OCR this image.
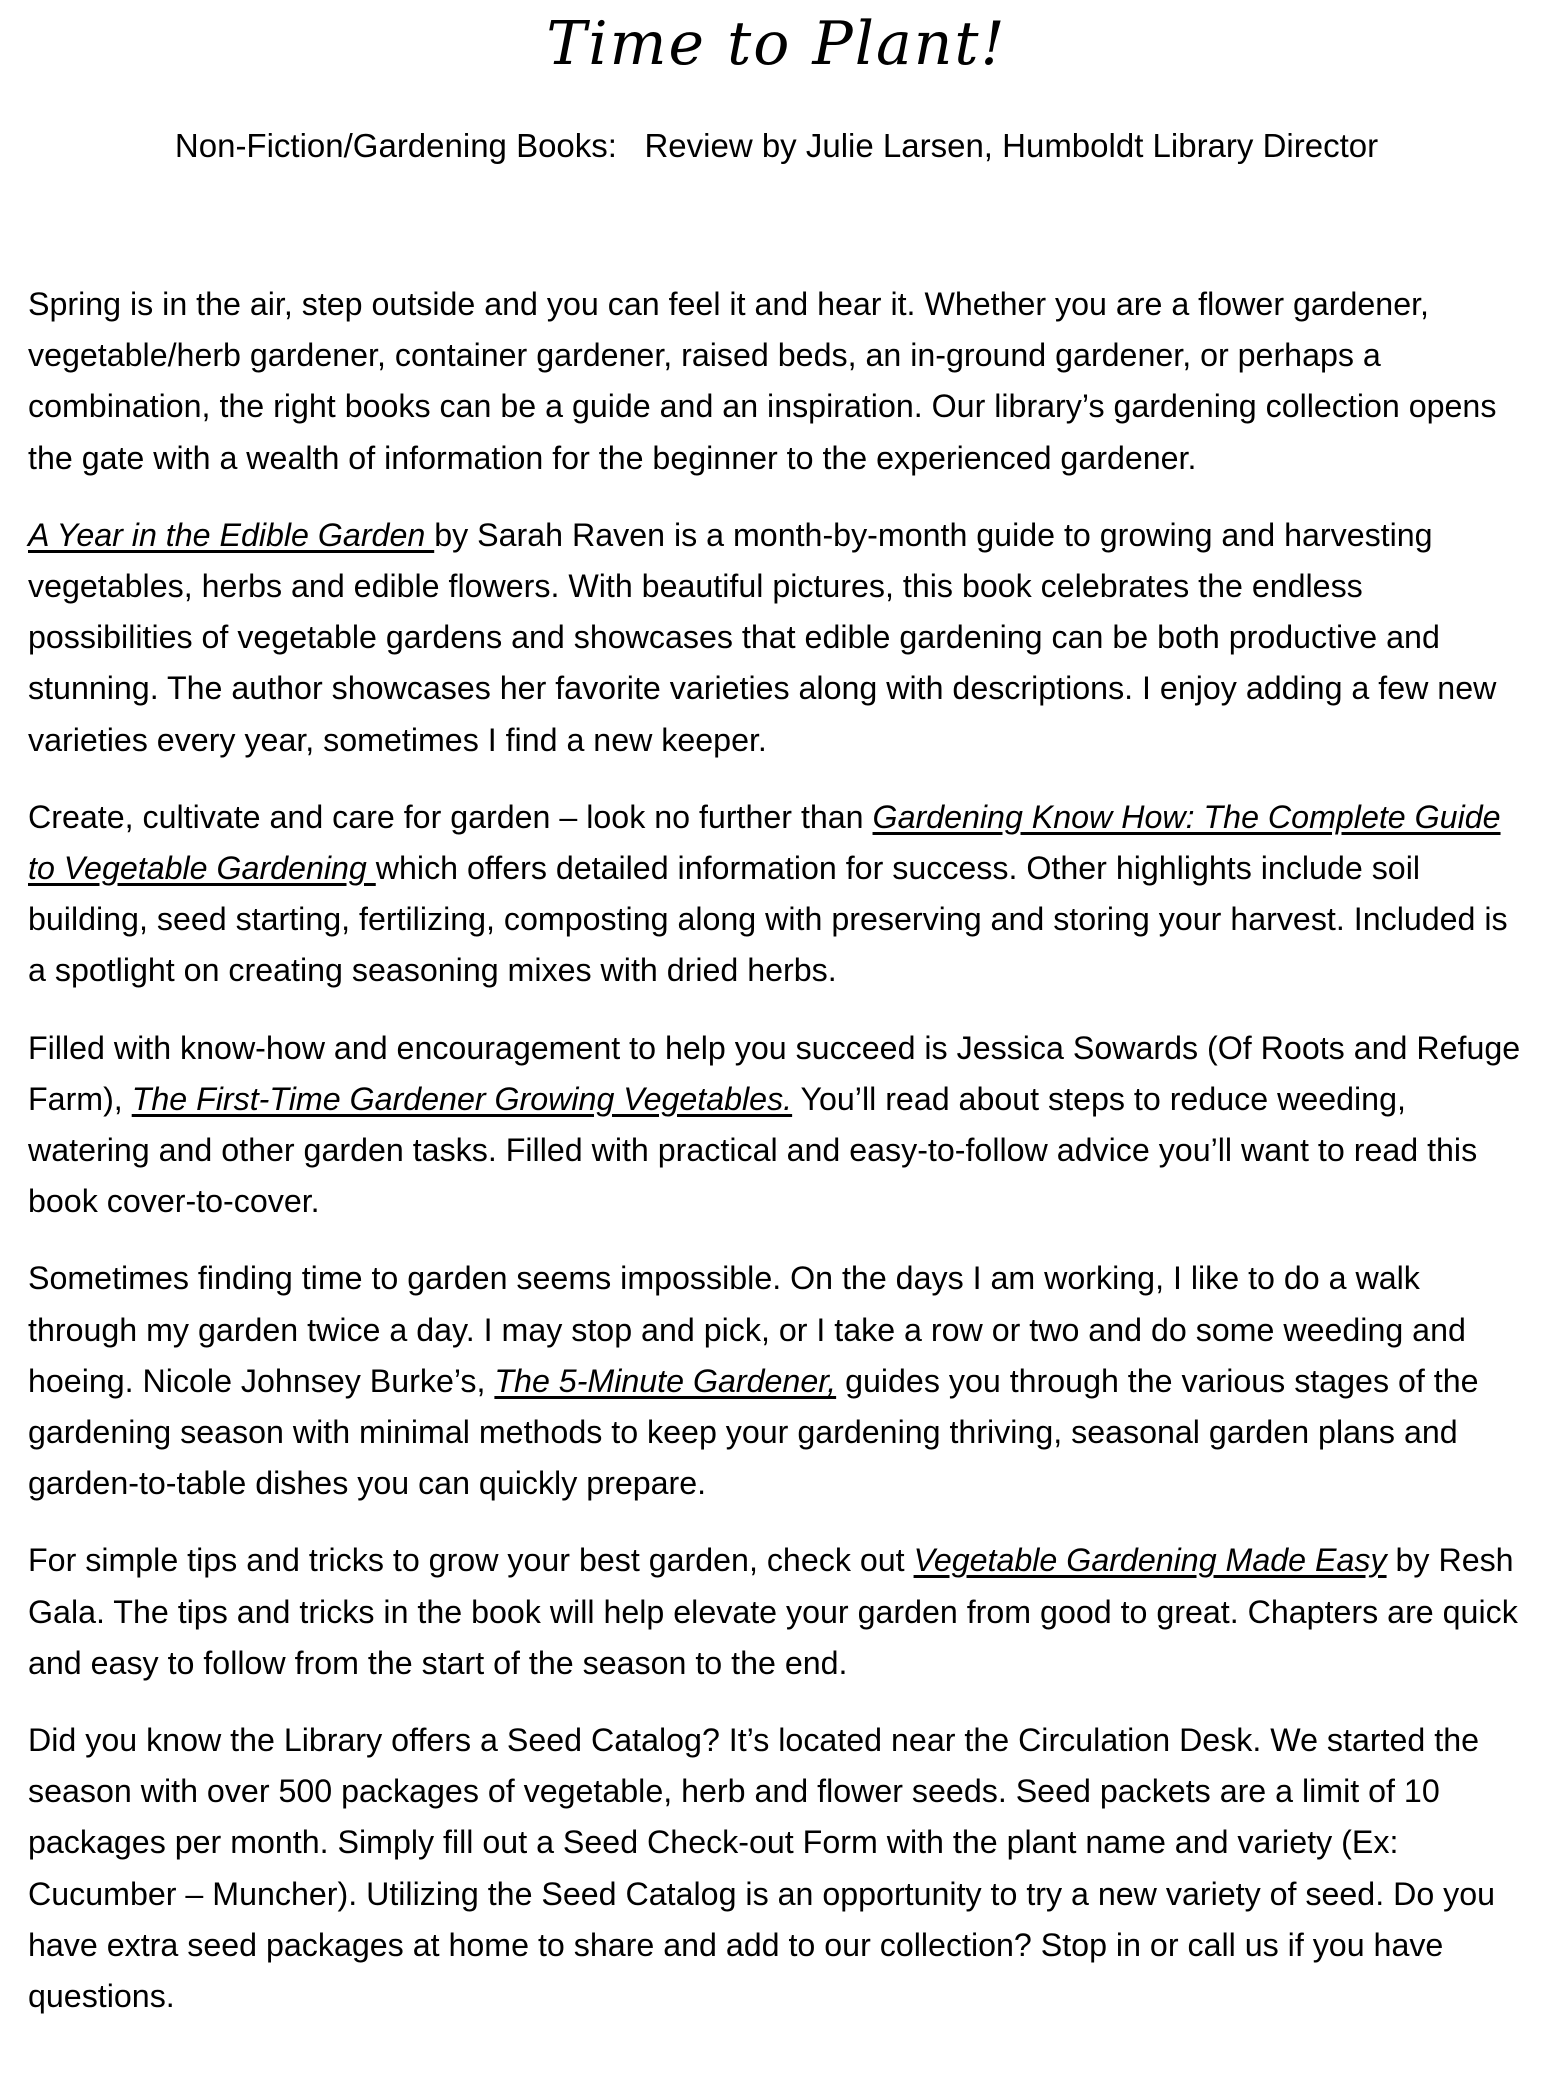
Time to Plant!

Non-Fiction/Gardening Books:   Review by Julie Larsen, Humboldt Library Director

Spring is in the air, step outside and you can feel it and hear it. Whether you are a flower gardener, vegetable/herb gardener, container gardener, raised beds, an in-ground gardener, or perhaps a combination, the right books can be a guide and an inspiration. Our library’s gardening collection opens the gate with a wealth of information for the beginner to the experienced gardener.

A Year in the Edible Garden by Sarah Raven is a month-by-month guide to growing and harvesting vegetables, herbs and edible flowers. With beautiful pictures, this book celebrates the endless possibilities of vegetable gardens and showcases that edible gardening can be both productive and stunning. The author showcases her favorite varieties along with descriptions. I enjoy adding a few new varieties every year, sometimes I find a new keeper.

Create, cultivate and care for garden – look no further than Gardening Know How: The Complete Guide to Vegetable Gardening which offers detailed information for success. Other highlights include soil building, seed starting, fertilizing, composting along with preserving and storing your harvest. Included is a spotlight on creating seasoning mixes with dried herbs.

Filled with know-how and encouragement to help you succeed is Jessica Sowards (Of Roots and Refuge Farm), The First-Time Gardener Growing Vegetables. You’ll read about steps to reduce weeding, watering and other garden tasks. Filled with practical and easy-to-follow advice you’ll want to read this book cover-to-cover.

Sometimes finding time to garden seems impossible. On the days I am working, I like to do a walk through my garden twice a day. I may stop and pick, or I take a row or two and do some weeding and hoeing. Nicole Johnsey Burke’s, The 5-Minute Gardener, guides you through the various stages of the gardening season with minimal methods to keep your gardening thriving, seasonal garden plans and garden-to-table dishes you can quickly prepare.

For simple tips and tricks to grow your best garden, check out Vegetable Gardening Made Easy by Resh Gala. The tips and tricks in the book will help elevate your garden from good to great. Chapters are quick and easy to follow from the start of the season to the end.

Did you know the Library offers a Seed Catalog? It’s located near the Circulation Desk. We started the season with over 500 packages of vegetable, herb and flower seeds. Seed packets are a limit of 10 packages per month. Simply fill out a Seed Check-out Form with the plant name and variety (Ex: Cucumber – Muncher). Utilizing the Seed Catalog is an opportunity to try a new variety of seed. Do you have extra seed packages at home to share and add to our collection? Stop in or call us if you have questions.
